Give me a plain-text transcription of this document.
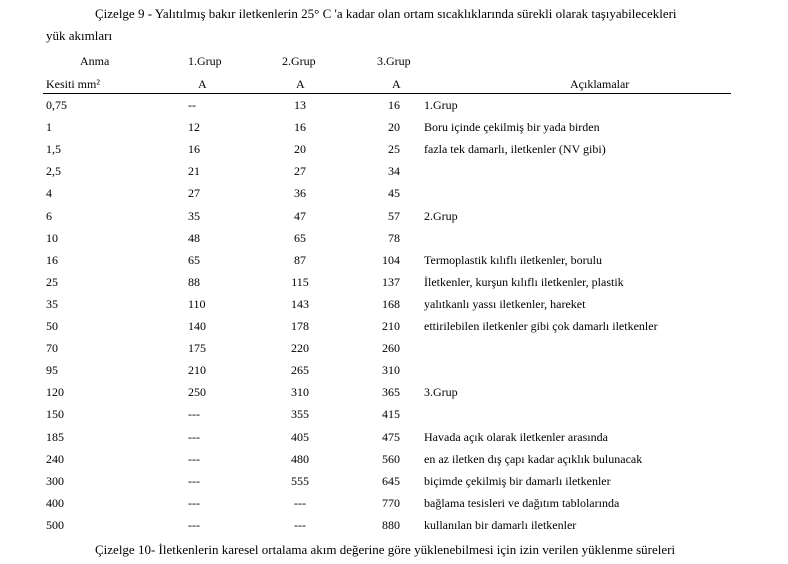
Çizelge 9 - Yalıtılmış bakır iletkenlerin 25° C 'a kadar olan ortam sıcaklıklarında sürekli olarak taşıyabilecekleri
yük akımları
Anma	1.Grup	2.Grup	3.Grup
Kesiti mm²	A	A	A	Açıklamalar
0,75	--	13	16 1.Grup
1	12	16	20 Boru içinde çekilmiş bir yada birden
1,5	16	20	25 fazla tek damarlı, iletkenler (NV gibi)
2,5	21	27	34
4	27	36	45
6	35	47	57 2.Grup
10	48	65	78
16	65	87	104 Termoplastik kılıflı iletkenler, borulu
25	88	115	137 İletkenler, kurşun kılıflı iletkenler, plastik
35	110	143	168 yalıtkanlı yassı iletkenler, hareket
50	140	178	210 ettirilebilen iletkenler gibi çok damarlı iletkenler
70	175	220	260
95	210	265	310
120	250	310	365 3.Grup
150	---	355	415
185	---	405	475 Havada açık olarak iletkenler arasında
240	---	480	560 en az iletken dış çapı kadar açıklık bulunacak
300	---	555	645 biçimde çekilmiş bir damarlı iletkenler
400	---	---	770 bağlama tesisleri ve dağıtım tablolarında
500	---	---	880 kullanılan bir damarlı iletkenler
Çizelge 10- İletkenlerin karesel ortalama akım değerine göre yüklenebilmesi için izin verilen yüklenme süreleri
